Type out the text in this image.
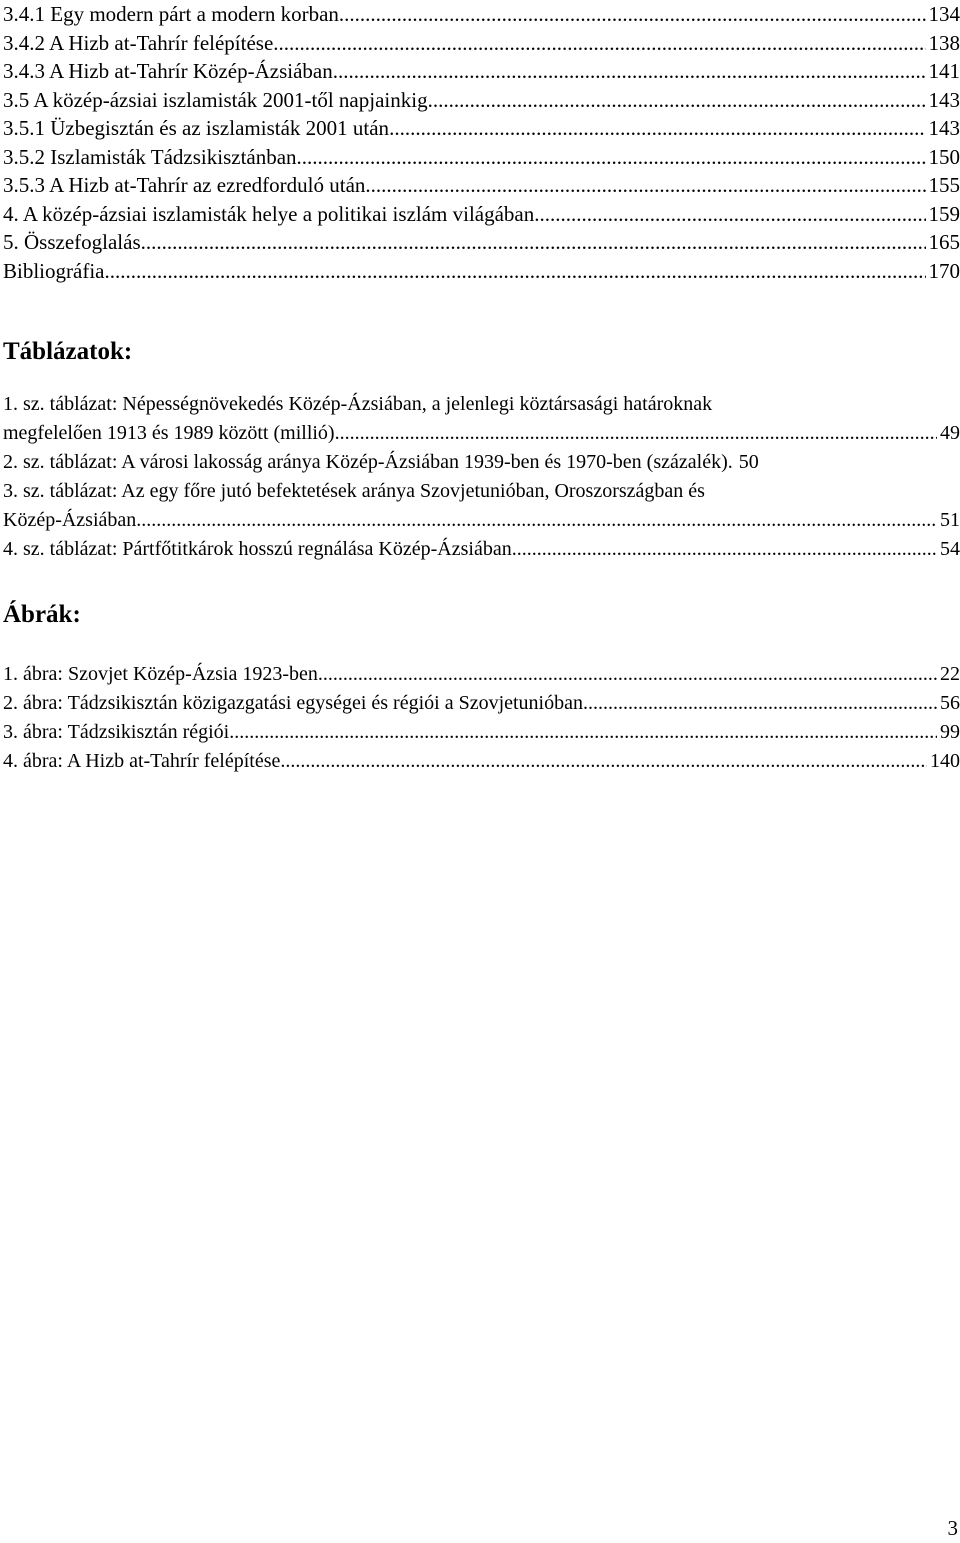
3.4.1 Egy modern párt a modern korban .....	134
3.4.2 A Hizb at-Tahrír felépítése .....	138
3.4.3 A Hizb at-Tahrír Közép-Ázsiában .....	141
3.5 A közép-ázsiai iszlamisták 2001-től napjainkig .....	143
3.5.1 Üzbegisztán és az iszlamisták 2001 után .....	143
3.5.2 Iszlamisták Tádzsikisztánban .....	150
3.5.3 A Hizb at-Tahrír az ezredforduló után .....	155
4. A közép-ázsiai iszlamisták helye a politikai iszlám világában .....	159
5. Összefoglalás .....	165
Bibliográfia .....	170
Táblázatok:
1. sz. táblázat: Népességnövekedés Közép-Ázsiában, a jelenlegi köztársasági határoknak
megfelelően 1913 és 1989 között (millió) .....	49
2. sz. táblázat: A városi lakosság aránya Közép-Ázsiában 1939-ben és 1970-ben (százalék). 50
3. sz. táblázat: Az egy főre jutó befektetések aránya Szovjetunióban, Oroszországban és
Közép-Ázsiában .....	51
4. sz. táblázat: Pártfőtitkárok hosszú regnálása Közép-Ázsiában .....	54
Ábrák:
1. ábra: Szovjet Közép-Ázsia 1923-ben .....	22
2. ábra: Tádzsikisztán közigazgatási egységei és régiói a Szovjetunióban .....	56
3. ábra: Tádzsikisztán régiói .....	99
4. ábra: A Hizb at-Tahrír felépítése .....	140
3
